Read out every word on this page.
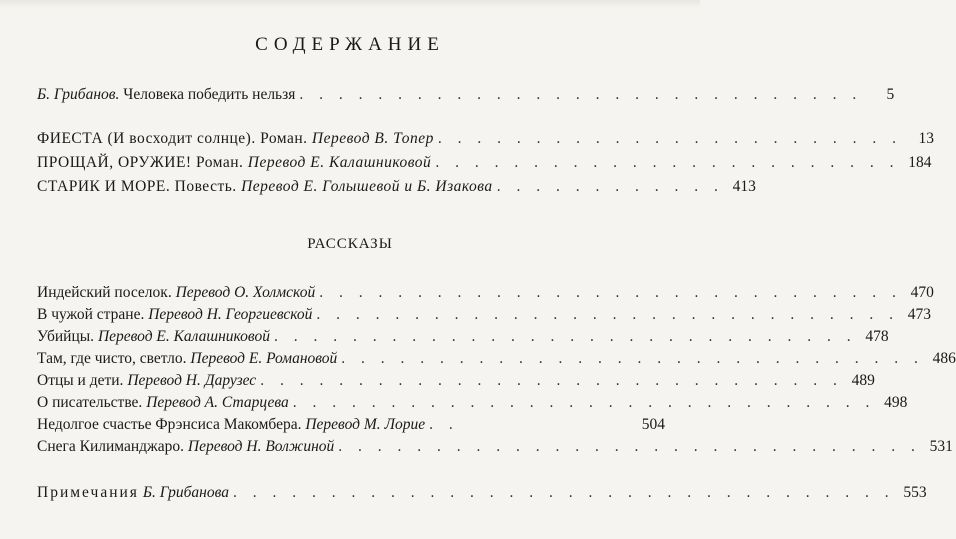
СОДЕРЖАНИЕ
Б. Грибанов. Человека победить нельзя . . . . . . . . . . . . . . . . . . . . . . . . . . . . .	5
ФИЕСТА (И восходит солнце). Роман. Перевод В. Топер . . . . . . . . . . . . . . . . . . . . . . . .	13
ПРОЩАЙ, ОРУЖИЕ! Роман. Перевод Е. Калашниковой . . . . . . . . . . . . . . . . . . . . . . . . 184
СТАРИК И МОРЕ. Повесть. Перевод Е. Голышевой и Б. Изакова . . . . . . . . . . . . 413
РАССКАЗЫ
Индейский поселок. Перевод О. Холмской . . . . . . . . . . . . . . . . . . . . . . . . . . . . . . 470
В чужой стране. Перевод Н. Георгиевской . . . . . . . . . . . . . . . . . . . . . . . . . . . . . . 473
Убийцы. Перевод Е. Калашниковой . . . . . . . . . . . . . . . . . . . . . . . . . . . . . . 478
Там, где чисто, светло. Перевод Е. Романовой . . . . . . . . . . . . . . . . . . . . . . . . . . . . . . 486
Отцы и дети. Перевод Н. Дарузес . . . . . . . . . . . . . . . . . . . . . . . . . . . . . . 489
О писательстве. Перевод А. Старцева . . . . . . . . . . . . . . . . . . . . . . . . . . . . . . 498
Недолгое счастье Фрэнсиса Макомбера. Перевод М. Лорие . .	504
Снега Килиманджаро. Перевод Н. Волжиной . . . . . . . . . . . . . . . . . . . . . . . . . . . . . . 531
Примечания Б. Грибанова . . . . . . . . . . . . . . . . . . . . . . . . . . . . . . . . . . 553
